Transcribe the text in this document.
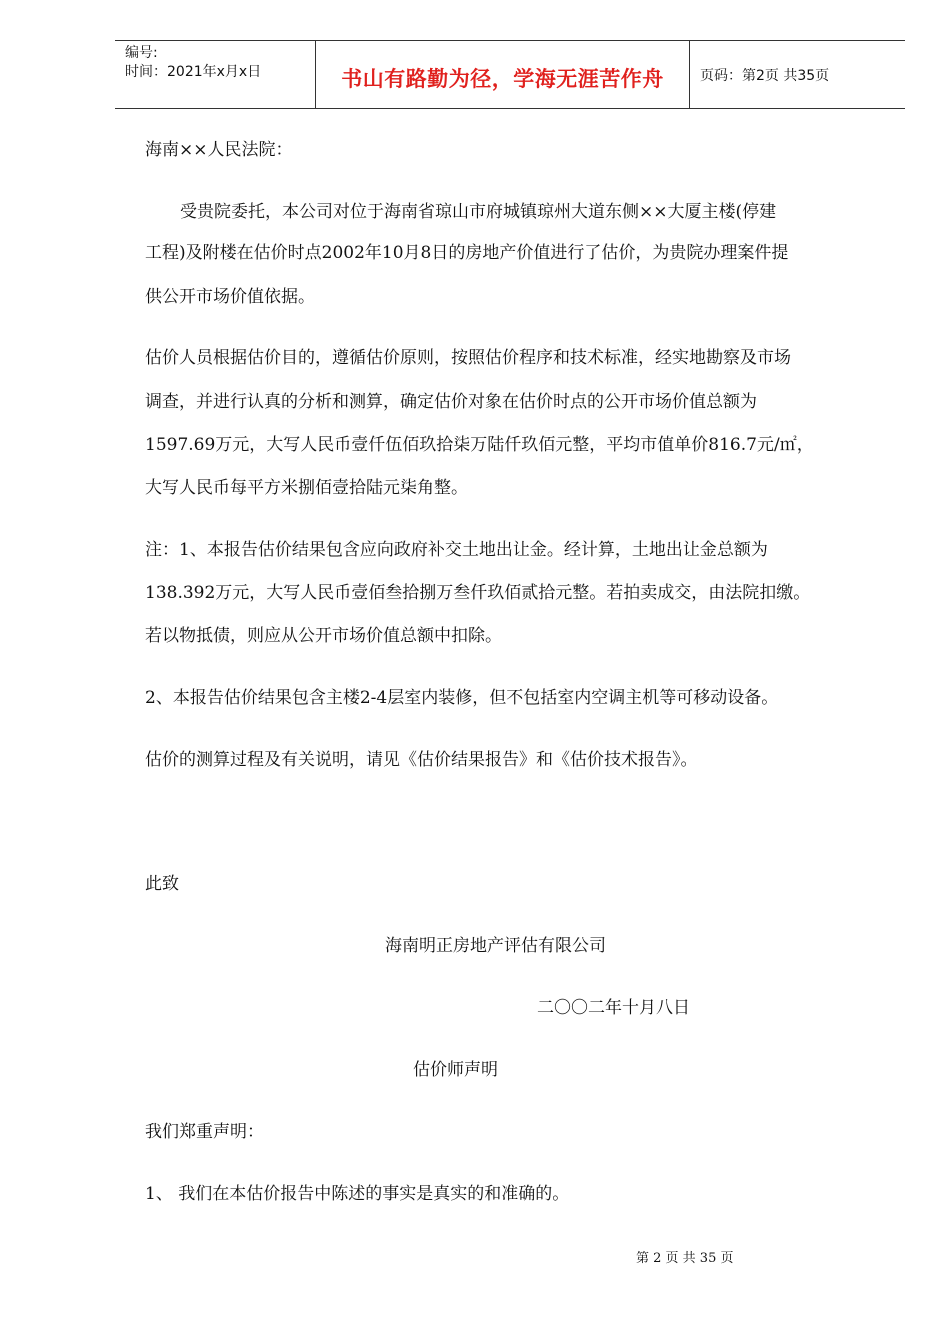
编号:
时间：2021年x月x日	书山有路勤为径，学海无涯苦作舟	页码：第2页 共35页
海南××人民法院：
受贵院委托，本公司对位于海南省琼山市府城镇琼州大道东侧××大厦主楼(停建
工程)及附楼在估价时点2002年10月8日的房地产价值进行了估价，为贵院办理案件提
供公开市场价值依据。
估价人员根据估价目的，遵循估价原则，按照估价程序和技术标准，经实地勘察及市场
调查，并进行认真的分析和测算，确定估价对象在估价时点的公开市场价值总额为
1597.69万元，大写人民币壹仟伍佰玖拾柒万陆仟玖佰元整，平均市值单价816.7元/㎡，
大写人民币每平方米捌佰壹拾陆元柒角整。
注：1、本报告估价结果包含应向政府补交土地出让金。经计算，土地出让金总额为
138.392万元，大写人民币壹佰叁拾捌万叁仟玖佰贰拾元整。若拍卖成交，由法院扣缴。
若以物抵债，则应从公开市场价值总额中扣除。
2、本报告估价结果包含主楼2-4层室内装修，但不包括室内空调主机等可移动设备。
估价的测算过程及有关说明，请见《估价结果报告》和《估价技术报告》。
此致
海南明正房地产评估有限公司
二〇〇二年十月八日
估价师声明
我们郑重声明：
1、 我们在本估价报告中陈述的事实是真实的和准确的。
第 2 页 共 35 页
